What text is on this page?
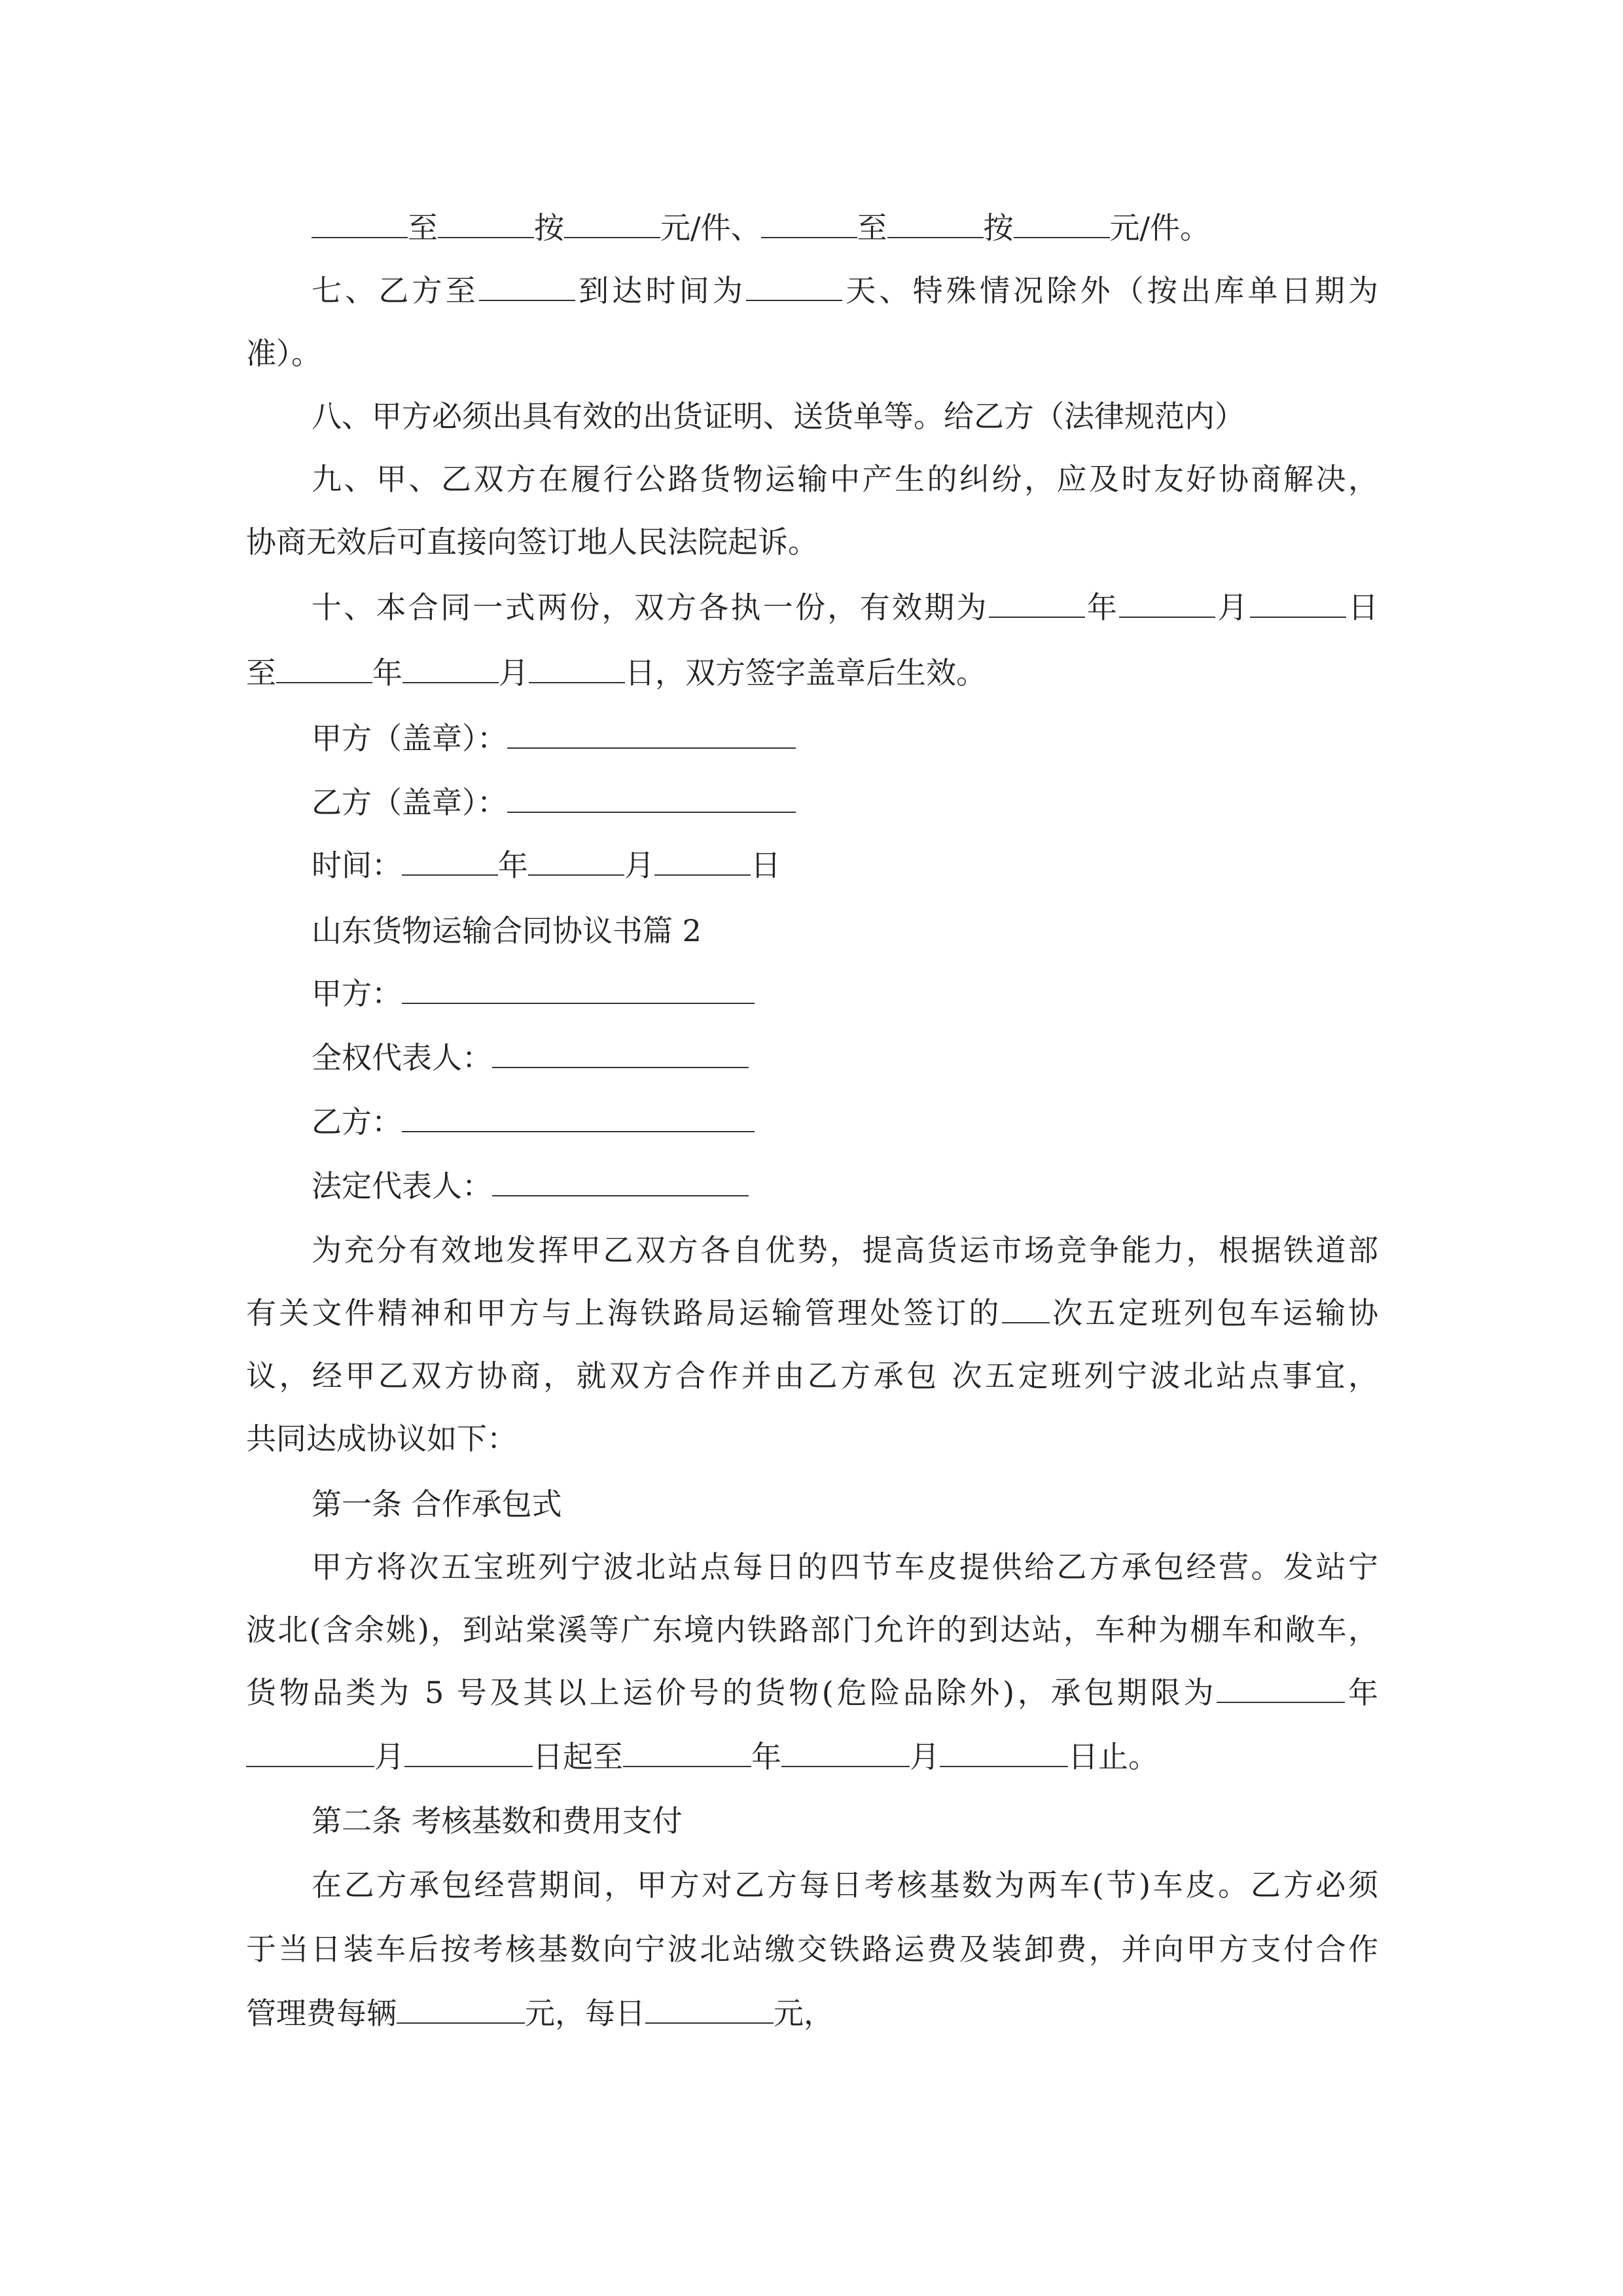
至	按	元/件、	至	按	元/件。
七、乙方至	到达时间为	天、特殊情况除外（按出库单日期为
准）。
八、甲方必须出具有效的出货证明、送货单等。给乙方（法律规范内）
九、甲、乙双方在履行公路货物运输中产生的纠纷，应及时友好协商解决，
协商无效后可直接向签订地人民法院起诉。
十、本合同一式两份，双方各执一份，有效期为	年	月	日
至	年	月	日，双方签字盖章后生效。
甲方（盖章）：
乙方（盖章）：
时间：	年	月	日
山东货物运输合同协议书篇 2
甲方：
全权代表人：
乙方：
法定代表人：
为充分有效地发挥甲乙双方各自优势，提高货运市场竞争能力，根据铁道部
有关文件精神和甲方与上海铁路局运输管理处签订的 次五定班列包车运输协
议，经甲乙双方协商，就双方合作并由乙方承包 次五定班列宁波北站点事宜，
共同达成协议如下：
第一条 合作承包式
甲方将次五宝班列宁波北站点每日的四节车皮提供给乙方承包经营。发站宁
波北(含余姚)，到站棠溪等广东境内铁路部门允许的到达站，车种为棚车和敞车，
货物品类为 5 号及其以上运价号的货物(危险品除外)，承包期限为	年
月	日起至	年	月	日止。
第二条 考核基数和费用支付
在乙方承包经营期间，甲方对乙方每日考核基数为两车(节)车皮。乙方必须
于当日装车后按考核基数向宁波北站缴交铁路运费及装卸费，并向甲方支付合作
管理费每辆	元，每日	元，
